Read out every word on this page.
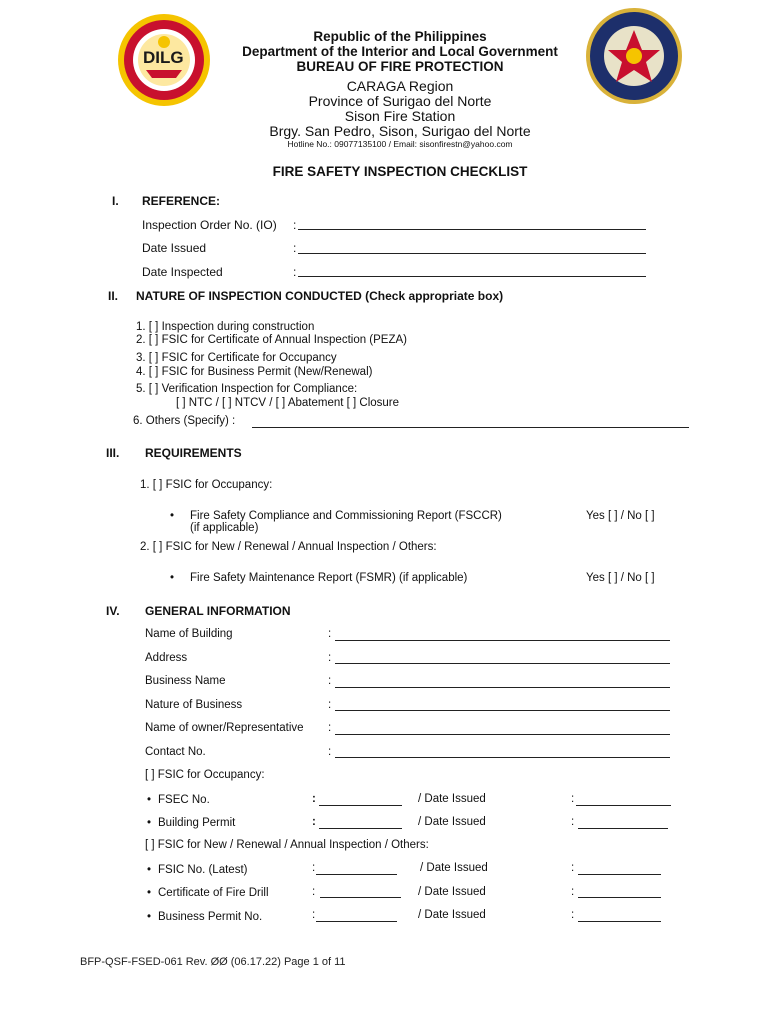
DILG
Republic of the Philippines
Department of the Interior and Local Government
BUREAU OF FIRE PROTECTION
CARAGA Region
Province of Surigao del Norte
Sison Fire Station
Brgy. San Pedro, Sison, Surigao del Norte
Hotline No.: 09077135100 / Email: sisonfirestn@yahoo.com
FIRE SAFETY INSPECTION CHECKLIST
I. REFERENCE:
Inspection Order No. (IO) :
Date Issued	:
Date Inspected	:
II. NATURE OF INSPECTION CONDUCTED (Check appropriate box)
1. [ ] Inspection during construction
2. [ ] FSIC for Certificate of Annual Inspection (PEZA)
3. [ ] FSIC for Certificate for Occupancy
4. [ ] FSIC for Business Permit (New/Renewal)
5. [ ] Verification Inspection for Compliance:
[ ] NTC / [ ] NTCV / [ ] Abatement [ ] Closure
6. Others (Specify) :
III. REQUIREMENTS
1. [ ] FSIC for Occupancy:
• Fire Safety Compliance and Commissioning Report (FSCCR)
(if applicable)
Yes [ ] / No [ ]
2. [ ] FSIC for New / Renewal / Annual Inspection / Others:
• Fire Safety Maintenance Report (FSMR) (if applicable)	Yes [ ] / No [ ]
IV. GENERAL INFORMATION
Name of Building	:
Address	:
Business Name	:
Nature of Business	:
Name of owner/Representative :
Contact No.	:
[ ] FSIC for Occupancy:
• FSEC No.	:	/ Date Issued	:
• Building Permit	:	/ Date Issued	:
[ ] FSIC for New / Renewal / Annual Inspection / Others:
• FSIC No. (Latest)	:	/ Date Issued	:
• Certificate of Fire Drill	:	/ Date Issued	:
• Business Permit No.	:	/ Date Issued	:
BFP-QSF-FSED-061 Rev. ØØ (06.17.22) Page 1 of 11
